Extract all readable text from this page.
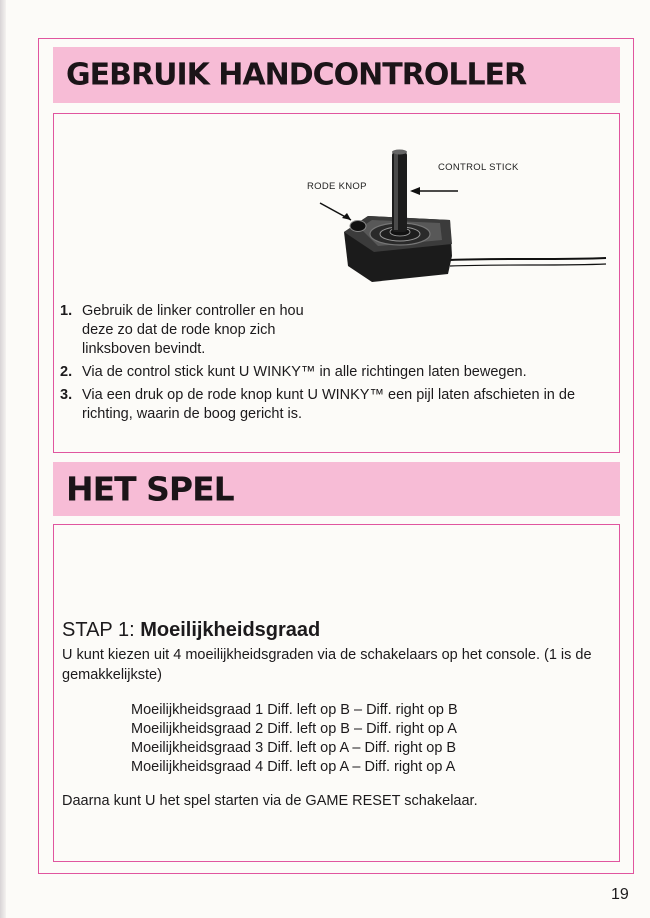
GEBRUIK HANDCONTROLLER
RODE KNOP
CONTROL STICK
1. Gebruik de linker controller en hou deze zo dat de rode knop zich linksboven bevindt.
2. Via de control stick kunt U WINKY™ in alle richtingen laten bewegen.
3. Via een druk op de rode knop kunt U WINKY™ een pijl laten afschieten in de richting, waarin de boog gericht is.
HET SPEL
STAP 1: Moeilijkheidsgraad

U kunt kiezen uit 4 moeilijkheidsgraden via de schakelaars op het console. (1 is de gemakkelijkste)

Moeilijkheidsgraad 1 Diff. left op B – Diff. right op B
Moeilijkheidsgraad 2 Diff. left op B – Diff. right op A
Moeilijkheidsgraad 3 Diff. left op A – Diff. right op B
Moeilijkheidsgraad 4 Diff. left op A – Diff. right op A

Daarna kunt U het spel starten via de GAME RESET schakelaar.

19
